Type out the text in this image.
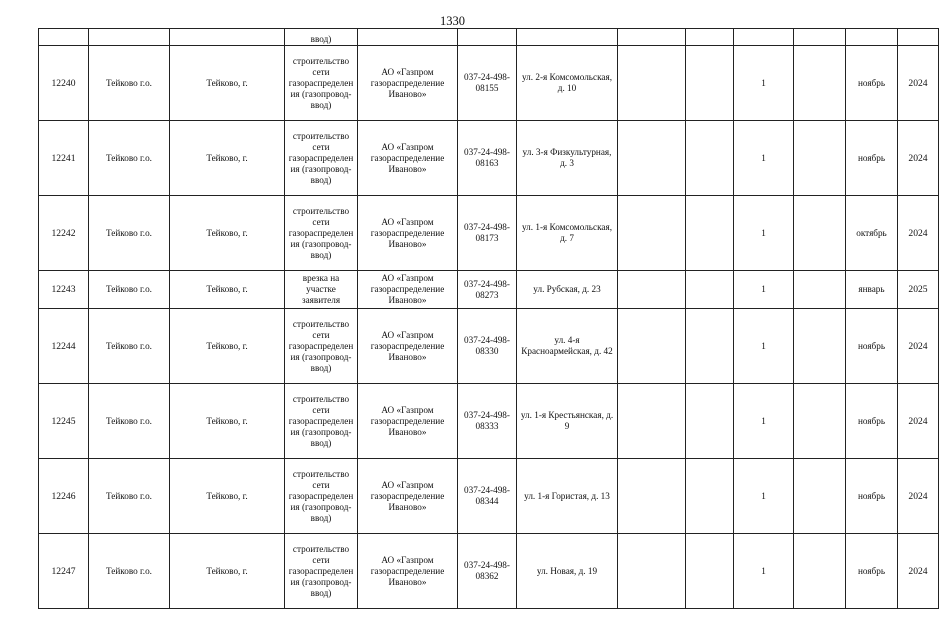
1330
			ввод)									
12240	Тейково г.о.	Тейково, г.	строительство сети газораспределения (газопровод-ввод)	АО «Газпром газораспределение Иваново»	037-24-498-08155	ул. 2-я Комсомольская, д. 10			1		ноябрь	2024
12241	Тейково г.о.	Тейково, г.	строительство сети газораспределения (газопровод-ввод)	АО «Газпром газораспределение Иваново»	037-24-498-08163	ул. 3-я Физкультурная, д. 3			1		ноябрь	2024
12242	Тейково г.о.	Тейково, г.	строительство сети газораспределения (газопровод-ввод)	АО «Газпром газораспределение Иваново»	037-24-498-08173	ул. 1-я Комсомольская, д. 7			1		октябрь	2024
12243	Тейково г.о.	Тейково, г.	врезка на участке заявителя	АО «Газпром газораспределение Иваново»	037-24-498-08273	ул. Рубская, д. 23			1		январь	2025
12244	Тейково г.о.	Тейково, г.	строительство сети газораспределения (газопровод-ввод)	АО «Газпром газораспределение Иваново»	037-24-498-08330	ул. 4-я Красноармейская, д. 42			1		ноябрь	2024
12245	Тейково г.о.	Тейково, г.	строительство сети газораспределения (газопровод-ввод)	АО «Газпром газораспределение Иваново»	037-24-498-08333	ул. 1-я Крестьянская, д. 9			1		ноябрь	2024
12246	Тейково г.о.	Тейково, г.	строительство сети газораспределения (газопровод-ввод)	АО «Газпром газораспределение Иваново»	037-24-498-08344	ул. 1-я Гористая, д. 13			1		ноябрь	2024
12247	Тейково г.о.	Тейково, г.	строительство сети газораспределения (газопровод-ввод)	АО «Газпром газораспределение Иваново»	037-24-498-08362	ул. Новая, д. 19			1		ноябрь	2024
